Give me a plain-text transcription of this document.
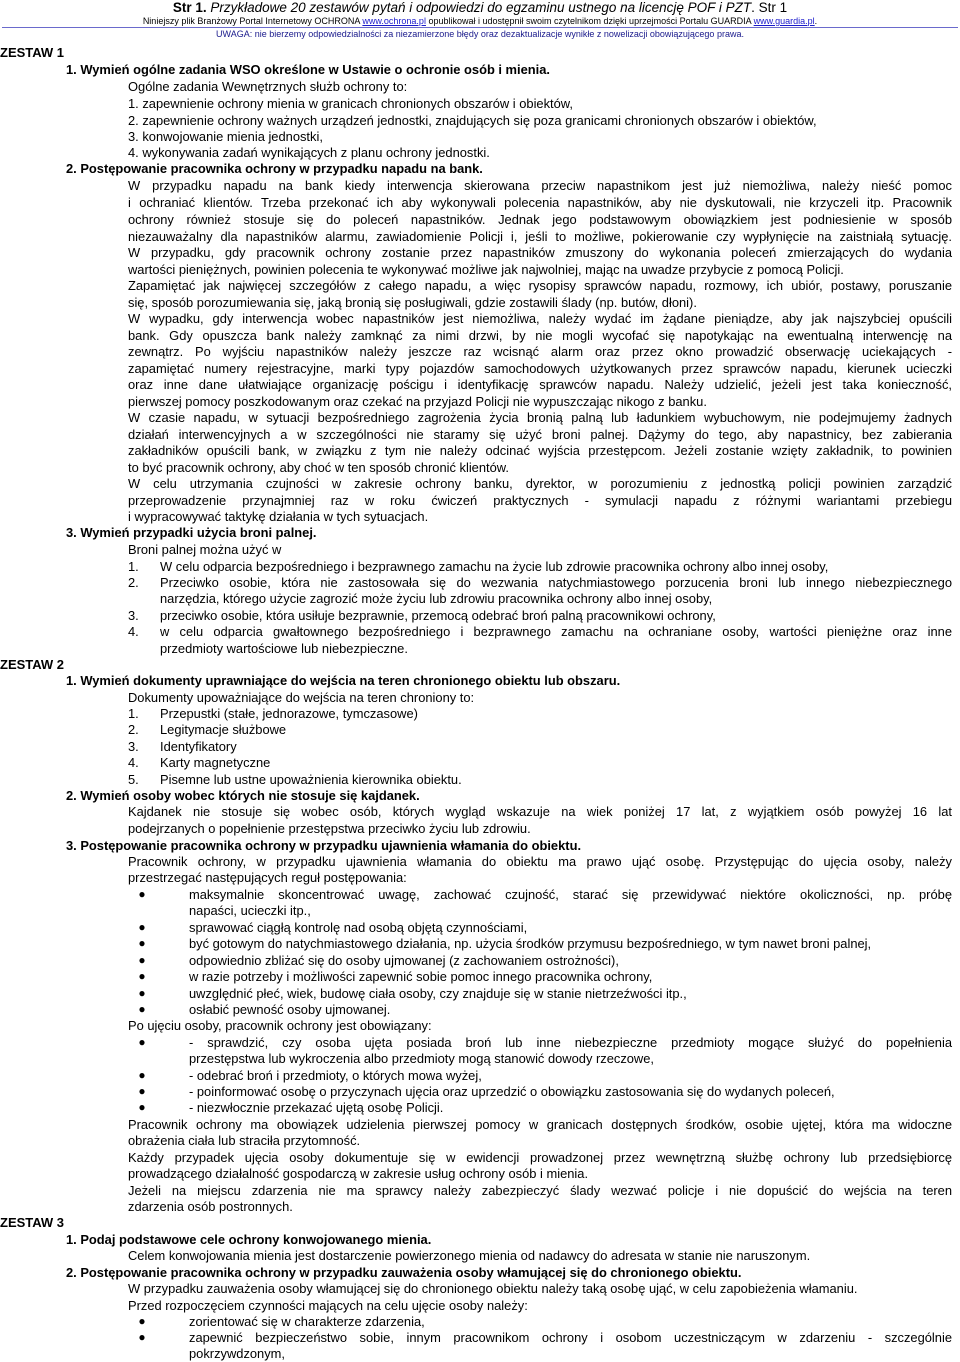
Str 1. Przykładowe 20 zestawów pytań i odpowiedzi do egzaminu ustnego na licencję POF i PZT. Str 1
Niniejszy plik Branżowy Portal Internetowy OCHRONA www.ochrona.pl opublikował i udostępnił swoim czytelnikom dzięki uprzejmości Portalu GUARDIA www.guardia.pl.
UWAGA: nie bierzemy odpowiedzialności za niezamierzone błędy oraz dezaktualizacje wynikłe z nowelizacji obowiązującego prawa.
ZESTAW 1
1. Wymień ogólne zadania WSO określone w Ustawie o ochronie osób i mienia.
Ogólne zadania Wewnętrznych służb ochrony to:
1. zapewnienie ochrony mienia w granicach chronionych obszarów i obiektów,
2. zapewnienie ochrony ważnych urządzeń jednostki, znajdujących się poza granicami chronionych obszarów i obiektów,
3. konwojowanie mienia jednostki,
4. wykonywania zadań wynikających z planu ochrony jednostki.
2. Postępowanie pracownika ochrony w przypadku napadu na bank.
W przypadku napadu na bank kiedy interwencja skierowana przeciw napastnikom jest już niemożliwa, należy nieść pomoc
i ochraniać klientów. Trzeba przekonać ich aby wykonywali polecenia napastników, aby nie dyskutowali, nie krzyczeli itp. Pracownik
ochrony również stosuje się do poleceń napastników. Jednak jego podstawowym obowiązkiem jest podniesienie w sposób
niezauważalny dla napastników alarmu, zawiadomienie Policji i, jeśli to możliwe, pokierowanie czy wypłynięcie na zaistniałą sytuację.
W przypadku, gdy pracownik ochrony zostanie przez napastników zmuszony do wykonania poleceń zmierzających do wydania
wartości pieniężnych, powinien polecenia te wykonywać możliwe jak najwolniej, mając na uwadze przybycie z pomocą Policji.
Zapamiętać jak najwięcej szczegółów z całego napadu, a więc rysopisy sprawców napadu, rozmowy, ich ubiór, postawy, poruszanie
się, sposób porozumiewania się, jaką bronią się posługiwali, gdzie zostawili ślady (np. butów, dłoni).
W wypadku, gdy interwencja wobec napastników jest niemożliwa, należy wydać im żądane pieniądze, aby jak najszybciej opuścili
bank. Gdy opuszcza bank należy zamknąć za nimi drzwi, by nie mogli wycofać się napotykając na ewentualną interwencję na
zewnątrz. Po wyjściu napastników należy jeszcze raz wcisnąć alarm oraz przez okno prowadzić obserwację uciekających -
zapamiętać numery rejestracyjne, marki typy pojazdów samochodowych użytkowanych przez sprawców napadu, kierunek ucieczki
oraz inne dane ułatwiające organizację pościgu i identyfikację sprawców napadu. Należy udzielić, jeżeli jest taka konieczność,
pierwszej pomocy poszkodowanym oraz czekać na przyjazd Policji nie wypuszczając nikogo z banku.
W czasie napadu, w sytuacji bezpośredniego zagrożenia życia bronią palną lub ładunkiem wybuchowym, nie podejmujemy żadnych
działań interwencyjnych a w szczególności nie staramy się użyć broni palnej. Dążymy do tego, aby napastnicy, bez zabierania
zakładników opuścili bank, w związku z tym nie należy odcinać wyjścia przestępcom. Jeżeli zostanie wzięty zakładnik, to powinien
to być pracownik ochrony, aby choć w ten sposób chronić klientów.
W celu utrzymania czujności w zakresie ochrony banku, dyrektor, w porozumieniu z jednostką policji powinien zarządzić
przeprowadzenie przynajmniej raz w roku ćwiczeń praktycznych - symulacji napadu z różnymi wariantami przebiegu
i wypracowywać taktykę działania w tych sytuacjach.
3. Wymień przypadki użycia broni palnej.
Broni palnej można użyć w
1.	W celu odparcia bezpośredniego i bezprawnego zamachu na życie lub zdrowie pracownika ochrony albo innej osoby,
2.	Przeciwko osobie, która nie zastosowała się do wezwania natychmiastowego porzucenia broni lub innego niebezpiecznego
narzędzia, którego użycie zagrozić może życiu lub zdrowiu pracownika ochrony albo innej osoby,
3.	przeciwko osobie, która usiłuje bezprawnie, przemocą odebrać broń palną pracownikowi ochrony,
4.	w celu odparcia gwałtownego bezpośredniego i bezprawnego zamachu na ochraniane osoby, wartości pieniężne oraz inne
przedmioty wartościowe lub niebezpieczne.
ZESTAW 2
1. Wymień dokumenty uprawniające do wejścia na teren chronionego obiektu lub obszaru.
Dokumenty upoważniające do wejścia na teren chroniony to:
1.	Przepustki (stałe, jednorazowe, tymczasowe)
2.	Legitymacje służbowe
3.	Identyfikatory
4.	Karty magnetyczne
5.	Pisemne lub ustne upoważnienia kierownika obiektu.
2. Wymień osoby wobec których nie stosuje się kajdanek.
Kajdanek nie stosuje się wobec osób, których wygląd wskazuje na wiek poniżej 17 lat, z wyjątkiem osób powyżej 16 lat
podejrzanych o popełnienie przestępstwa przeciwko życiu lub zdrowiu.
3. Postępowanie pracownika ochrony w przypadku ujawnienia włamania do obiektu.
Pracownik ochrony, w przypadku ujawnienia włamania do obiektu ma prawo ująć osobę. Przystępując do ujęcia osoby, należy
przestrzegać następujących reguł postępowania:
●	maksymalnie skoncentrować uwagę, zachować czujność, starać się przewidywać niektóre okoliczności, np. próbę
napaści, ucieczki itp.,
●	sprawować ciągłą kontrolę nad osobą objętą czynnościami,
●	być gotowym do natychmiastowego działania, np. użycia środków przymusu bezpośredniego, w tym nawet broni palnej,
●	odpowiednio zbliżać się do osoby ujmowanej (z zachowaniem ostrożności),
●	w razie potrzeby i możliwości zapewnić sobie pomoc innego pracownika ochrony,
●	uwzględnić płeć, wiek, budowę ciała osoby, czy znajduje się w stanie nietrzeźwości itp.,
●	osłabić pewność osoby ujmowanej.
Po ujęciu osoby, pracownik ochrony jest obowiązany:
●	- sprawdzić, czy osoba ujęta posiada broń lub inne niebezpieczne przedmioty mogące służyć do popełnienia
przestępstwa lub wykroczenia albo przedmioty mogą stanowić dowody rzeczowe,
●	- odebrać broń i przedmioty, o których mowa wyżej,
●	- poinformować osobę o przyczynach ujęcia oraz uprzedzić o obowiązku zastosowania się do wydanych poleceń,
●	- niezwłocznie przekazać ujętą osobę Policji.
Pracownik ochrony ma obowiązek udzielenia pierwszej pomocy w granicach dostępnych środków, osobie ujętej, która ma widoczne
obrażenia ciała lub straciła przytomność.
Każdy przypadek ujęcia osoby dokumentuje się w ewidencji prowadzonej przez wewnętrzną służbę ochrony lub przedsiębiorcę
prowadzącego działalność gospodarczą w zakresie usług ochrony osób i mienia.
Jeżeli na miejscu zdarzenia nie ma sprawcy należy zabezpieczyć ślady wezwać policje i nie dopuścić do wejścia na teren
zdarzenia osób postronnych.
ZESTAW 3
1. Podaj podstawowe cele ochrony konwojowanego mienia.
Celem konwojowania mienia jest dostarczenie powierzonego mienia od nadawcy do adresata w stanie nie naruszonym.
2. Postępowanie pracownika ochrony w przypadku zauważenia osoby włamującej się do chronionego obiektu.
W przypadku zauważenia osoby włamującej się do chronionego obiektu należy taką osobę ująć, w celu zapobieżenia włamaniu.
Przed rozpoczęciem czynności mających na celu ujęcie osoby należy:
●	zorientować się w charakterze zdarzenia,
●	zapewnić bezpieczeństwo sobie, innym pracownikom ochrony i osobom uczestniczącym w zdarzeniu - szczególnie
pokrzywdzonym,
